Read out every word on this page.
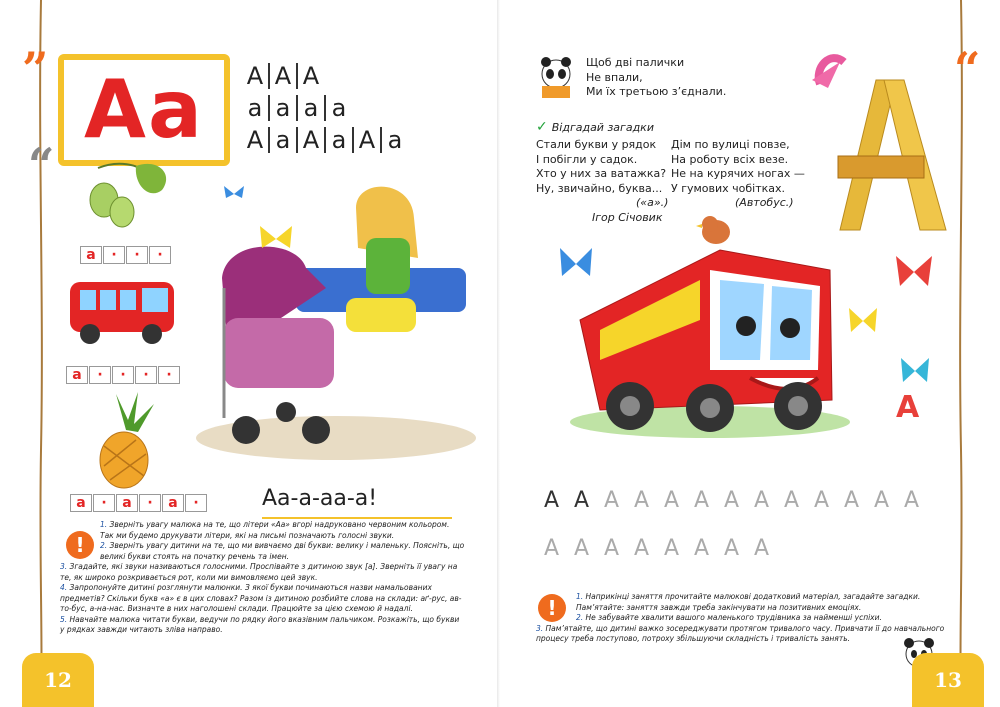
”
“
Aa	А А А
а а а а
А а А а А а
а	·	·	·
а	·	·	·	·
а	·	а	·	а	·	Аа-а-аа-а!
!

1. Зверніть увагу малюка на те, що літери «Аа» вгорі надруковано червоним кольором. Так ми будемо друкувати літери, які на письмі позначають голосні звуки.

2. Зверніть увагу дитини на те, що ми вивчаємо дві букви: велику і маленьку. Поясніть, що великі букви стоять на початку речень та імен.

3. Згадайте, які звуки називаються голосними. Проспівайте з дитиною звук [а]. Зверніть її увагу на те, як широко розкривається рот, коли ми вимовляємо цей звук.

4. Запропонуйте дитині розглянути малюнки. З якої букви починаються назви намальованих предметів? Скільки букв «а» є в цих словах? Разом із дитиною розбийте слова на склади: аґ-рус, ав-то-бус, а-на-нас. Визначте в них наголошені склади. Працюйте за цією схемою й надалі.

5. Навчайте малюка читати букви, ведучи по рядку його вказівним пальчиком. Розкажіть, що букви у рядках завжди читають зліва направо.

12
“
Щоб дві палички
Не впали,
Ми їх третьою з’єднали.
✓ Відгадай загадки
Стали букви у рядок
І побігли у садок.
Хто у них за ватажка?
Ну, звичайно, буква...
(«а».)
Ігор Січовик
Дім по вулиці повзе,
На роботу всіх везе.
Не на курячих ногах —
У гумових чобітках.
(Автобус.)
A
А А А А А А А А А А А А А
А А А А А А А А
!	1. Наприкінці заняття прочитайте малюкові додатковий матеріал, загадайте загадки. Пам’ятайте: заняття завжди треба закінчувати на позитивних емоціях.

2. Не забувайте хвалити вашого маленького трудівника за найменші успіхи.

3. Пам’ятайте, що дитині важко зосереджувати протягом тривалого часу. Привчати її до навчального процесу треба поступово, потроху збільшуючи складність і тривалість занять.

13
